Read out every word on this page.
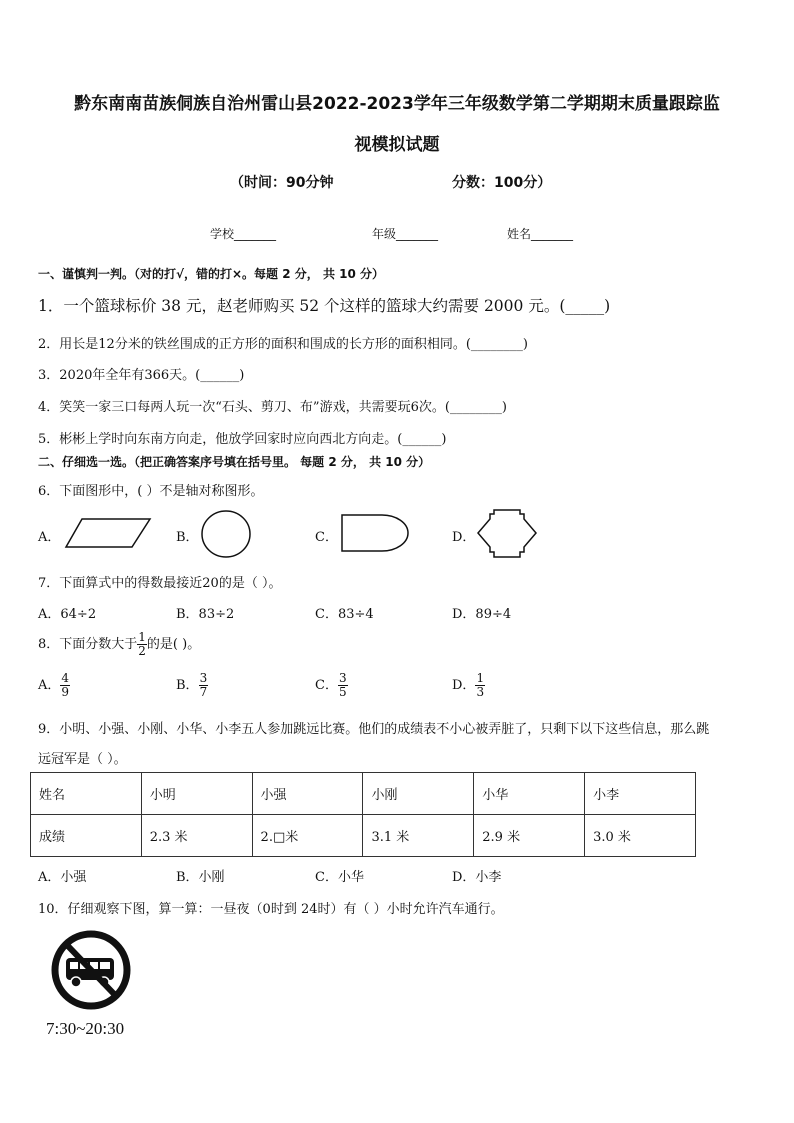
黔东南南苗族侗族自治州雷山县2022-2023学年三年级数学第二学期期末质量跟踪监
视模拟试题
（时间：90分钟	分数：100分）
学校_______	年级_______	姓名_______
一、谨慎判一判。（对的打√，错的打×。每题 2 分， 共 10 分）
1．一个篮球标价 38 元，赵老师购买 52 个这样的篮球大约需要 2000 元。(_____)
2．用长是12分米的铁丝围成的正方形的面积和围成的长方形的面积相同。(________)
3．2020年全年有366天。(______)
4．笑笑一家三口每两人玩一次“石头、剪刀、布”游戏，共需要玩6次。(________)
5．彬彬上学时向东南方向走，他放学回家时应向西北方向走。(______)
二、仔细选一选。（把正确答案序号填在括号里。 每题 2 分， 共 10 分）
6．下面图形中，( ）不是轴对称图形。
A．	B．	C．	D．
7．下面算式中的得数最接近20的是（ ）。
A．64÷2	B．83÷2	C．83÷4	D．89÷4
8．下面分数大于 $\frac{1}{2}$ 的是( )。
A． $\frac{4}{9}$	B． $\frac{3}{7}$	C． $\frac{3}{5}$	D． $\frac{1}{3}$
9．小明、小强、小刚、小华、小李五人参加跳远比赛。他们的成绩表不小心被弄脏了，只剩下以下这些信息，那么跳
远冠军是（ ）。
姓名	小明	小强	小刚	小华	小李
成绩	2.3 米	2.□米	3.1 米	2.9 米	3.0 米
A．小强	B．小刚	C．小华	D．小李
10．仔细观察下图，算一算：一昼夜（0时到 24时）有（ ）小时允许汽车通行。
7:30~20:30
